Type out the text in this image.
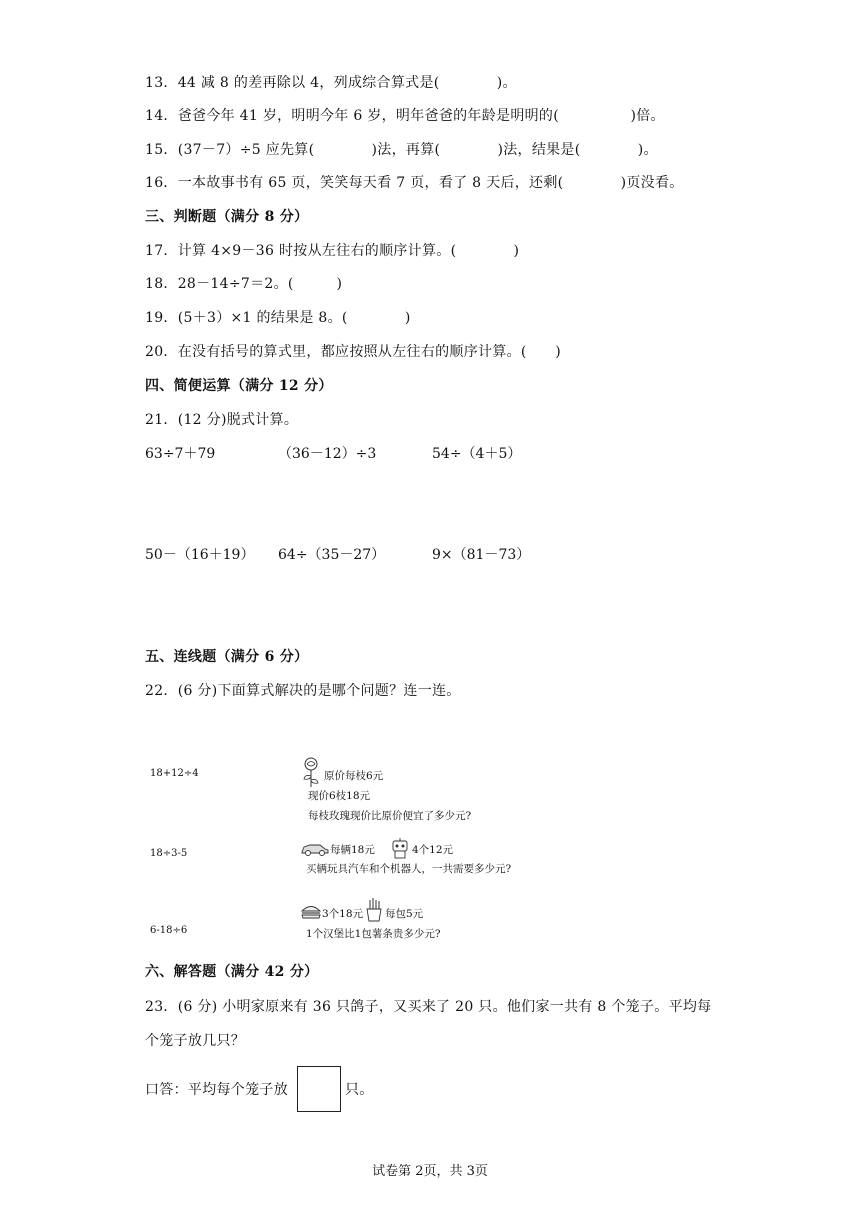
13．44 减 8 的差再除以 4，列成综合算式是(　　　　)。
14．爸爸今年 41 岁，明明今年 6 岁，明年爸爸的年龄是明明的(　　　　　)倍。
15．(37－7）÷5 应先算(　　　　)法，再算(　　　　)法，结果是(　　　　)。
16．一本故事书有 65 页，笑笑每天看 7 页，看了 8 天后，还剩(　　　　)页没看。
三、判断题（满分 8 分）
17．计算 4×9－36 时按从左往右的顺序计算。(　　　　)
18．28－14÷7＝2。(　　　)
19．(5＋3）×1 的结果是 8。(　　　　)
20．在没有括号的算式里，都应按照从左往右的顺序计算。(　　)
四、简便运算（满分 12 分）
21．(12 分)脱式计算。
63÷7＋79	（36－12）÷3	54÷（4＋5）
50－（16＋19） 64÷（35－27）	9×（81－73）
五、连线题（满分 6 分）
22．(6 分)下面算式解决的是哪个问题？连一连。
18+12÷4
18÷3-5
6-18÷6
原价每枝6元
现价6枝18元
每枝玫瑰现价比原价便宜了多少元?
每辆18元	4个12元
买辆玩具汽车和个机器人，一共需要多少元?
3个18元 每包5元
1个汉堡比1包薯条贵多少元?
六、解答题（满分 42 分）
23．(6 分) 小明家原来有 36 只鸽子，又买来了 20 只。他们家一共有 8 个笼子。平均每
个笼子放几只？
口答：平均每个笼子放	只。
试卷第 2页，共 3页
